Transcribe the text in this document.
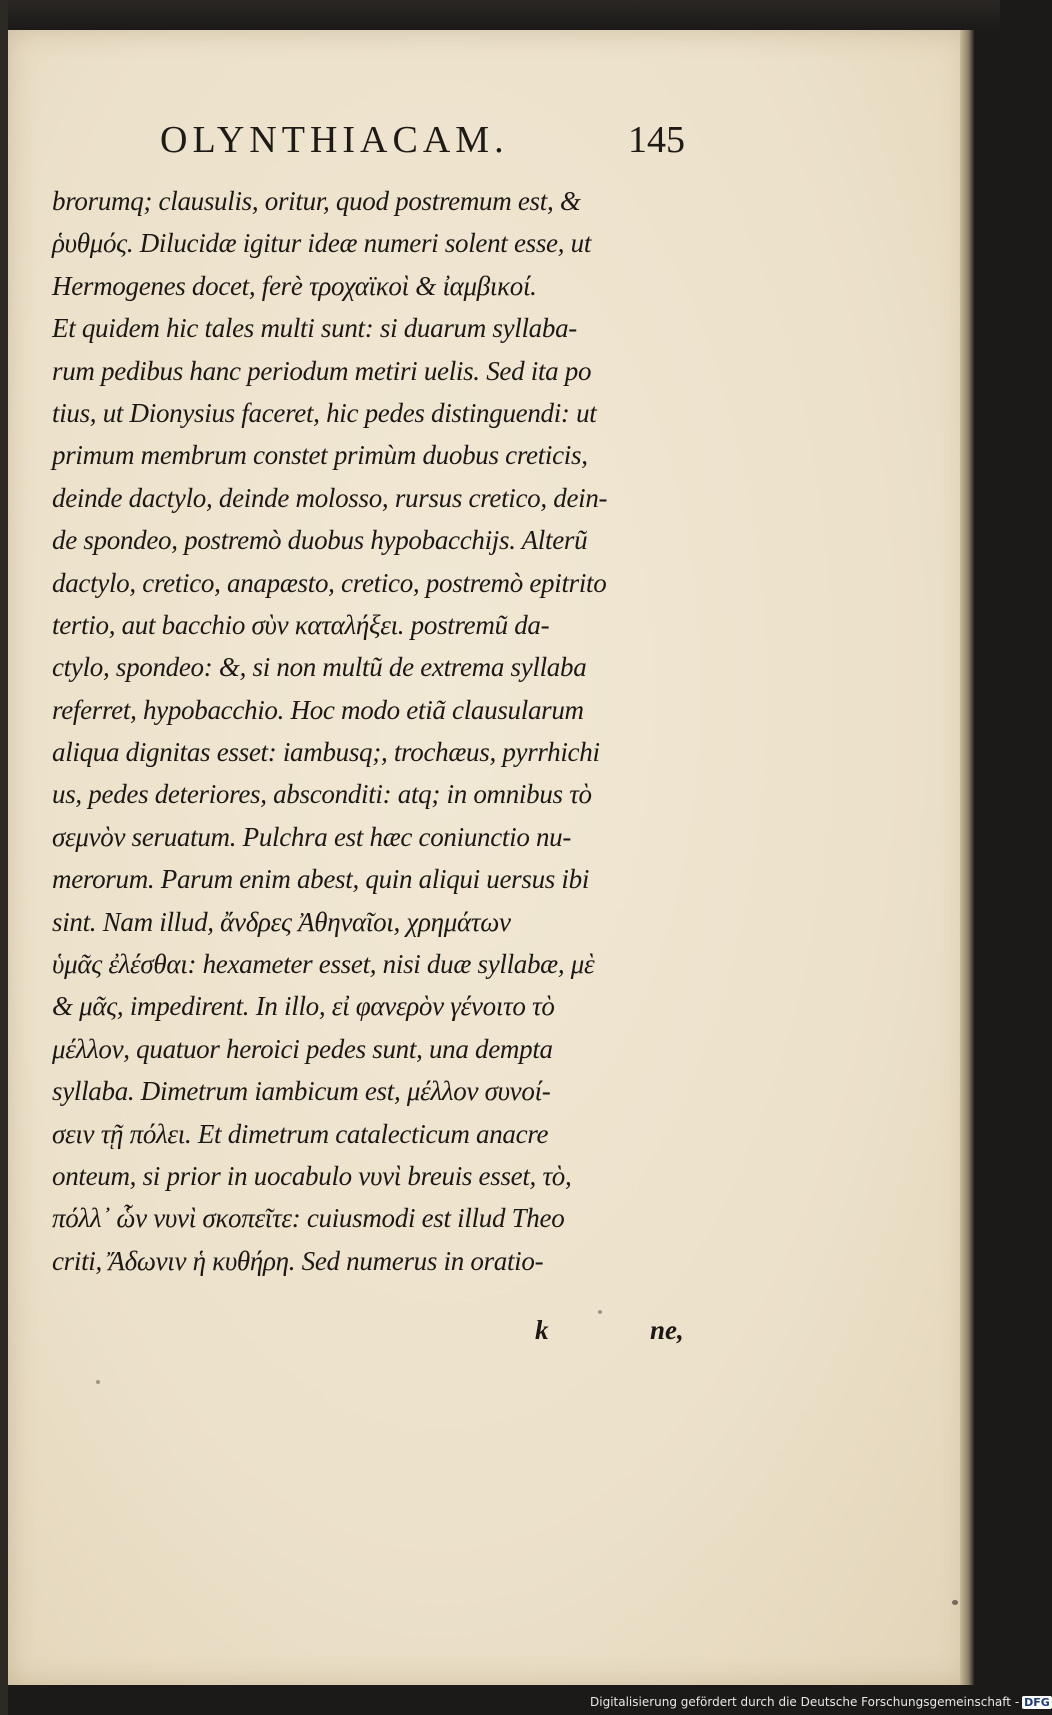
OLYNTHIACAM.	145
brorumq; clausulis, oritur, quod postremum est, &
ῥυθμός. Dilucidæ igitur ideæ numeri solent esse, ut
Hermogenes docet, ferè τροχαϊκοὶ & ἰαμβικοί.
Et quidem hic tales multi sunt: si duarum syllaba-
rum pedibus hanc periodum metiri uelis. Sed ita po
tius, ut Dionysius faceret, hic pedes distinguendi: ut
primum membrum constet primùm duobus creticis,
deinde dactylo, deinde molosso, rursus cretico, dein-
de spondeo, postremò duobus hypobacchijs. Alterũ
dactylo, cretico, anapæsto, cretico, postremò epitrito
tertio, aut bacchio σὺν καταλήξει. postremũ da-
ctylo, spondeo: &, si non multũ de extrema syllaba
referret, hypobacchio. Hoc modo etiã clausularum
aliqua dignitas esset: iambusq;, trochæus, pyrrhichi
us, pedes deteriores, absconditi: atq; in omnibus τὸ
σεμνὸν seruatum. Pulchra est hæc coniunctio nu-
merorum. Parum enim abest, quin aliqui uersus ibi
sint. Nam illud, ἄνδρες Ἀθηναῖοι, χρημάτων
ὑμᾶς ἐλέσθαι: hexameter esset, nisi duæ syllabæ, μὲ
& μᾶς, impedirent. In illo, εἰ φανερὸν γένοιτο τὸ
μέλλον, quatuor heroici pedes sunt, una dempta
syllaba. Dimetrum iambicum est, μέλλον συνοί-
σειν τῇ πόλει. Et dimetrum catalecticum anacre
onteum, si prior in uocabulo νυνὶ breuis esset, τὸ,
πόλλ᾽ ὧν νυνὶ σκοπεῖτε: cuiusmodi est illud Theo
criti, Ἄδωνιν ἡ κυθήρη. Sed numerus in oratio-
k	ne,
Digitalisierung gefördert durch die Deutsche Forschungsgemeinschaft - DFG
